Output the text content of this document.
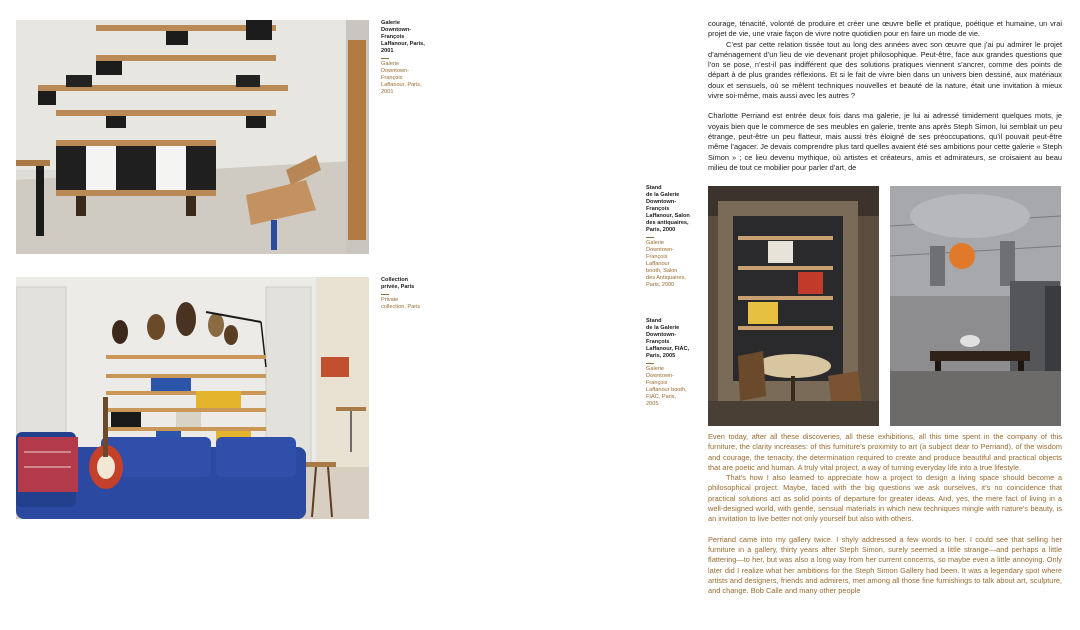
Galerie
Downtown-
François
Laffanour, Paris,
2001
Galerie
Downtown-
François
Laffanour, Paris,
2001
Collection
privée, Paris
Private
collection, Paris
Stand
de la Galerie
Downtown-
François
Laffanour, Salon
des antiquaires,
Paris, 2000
Galerie
Downtown-
François
Laffanour
booth, Salon
des Antiquaires,
Paris, 2000
Stand
de la Galerie
Downtown-
François
Laffanour, FIAC,
Paris, 2005
Galerie
Downtown-
François
Laffanour booth,
FIAC, Paris,
2005

courage, ténacité, volonté de produire et créer une œuvre belle et pratique, poétique et humaine, un vrai projet de vie, une vraie façon de vivre notre quotidien pour en faire un mode de vie.

C’est par cette relation tissée tout au long des années avec son œuvre que j’ai pu admirer le projet d’aménagement d’un lieu de vie devenant projet philosophique. Peut-être, face aux grandes questions que l’on se pose, n’est-il pas indifférent que des solutions pratiques viennent s’ancrer, comme des points de départ à de plus grandes réflexions. Et si le fait de vivre bien dans un univers bien dessiné, aux matériaux doux et sensuels, où se mêlent techniques nouvelles et beauté de la nature, était une invitation à mieux vivre soi-même, mais aussi avec les autres ?

Charlotte Perriand est entrée deux fois dans ma galerie, je lui ai adressé timidement quelques mots, je voyais bien que le commerce de ses meubles en galerie, trente ans après Steph Simon, lui semblait un peu étrange, peut-être un peu flatteur, mais aussi très éloigné de ses préoccupations, qu’il pouvait peut-être même l’agacer. Je devais comprendre plus tard quelles avaient été ses ambitions pour cette galerie « Steph Simon » ; ce lieu devenu mythique, où artistes et créateurs, amis et admirateurs, se croisaient au beau milieu de tout ce mobilier pour parler d’art, de

Even today, after all these discoveries, all these exhibitions, all this time spent in the company of this furniture, the clarity increases: of this furniture’s proximity to art (a subject dear to Perriand), of the wisdom and courage, the tenacity, the determination required to create and produce beautiful and practical objects that are poetic and human. A truly vital project, a way of turning everyday life into a true lifestyle.

That’s how I also learned to appreciate how a project to design a living space should become a philosophical project. Maybe, faced with the big questions we ask ourselves, it’s no coincidence that practical solutions act as solid points of departure for greater ideas. And, yes, the mere fact of living in a well-designed world, with gentle, sensual materials in which new techniques mingle with nature’s beauty, is an invitation to live better not only yourself but also with others.

Perriand came into my gallery twice. I shyly addressed a few words to her. I could see that selling her furniture in a gallery, thirty years after Steph Simon, surely seemed a little strange—and perhaps a little flattering—to her, but was also a long way from her current concerns, so maybe even a little annoying. Only later did I realize what her ambitions for the Steph Simon Gallery had been. It was a legendary spot where artists and designers, friends and admirers, met among all those fine furnishings to talk about art, sculpture, and change. Bob Calle and many other people
